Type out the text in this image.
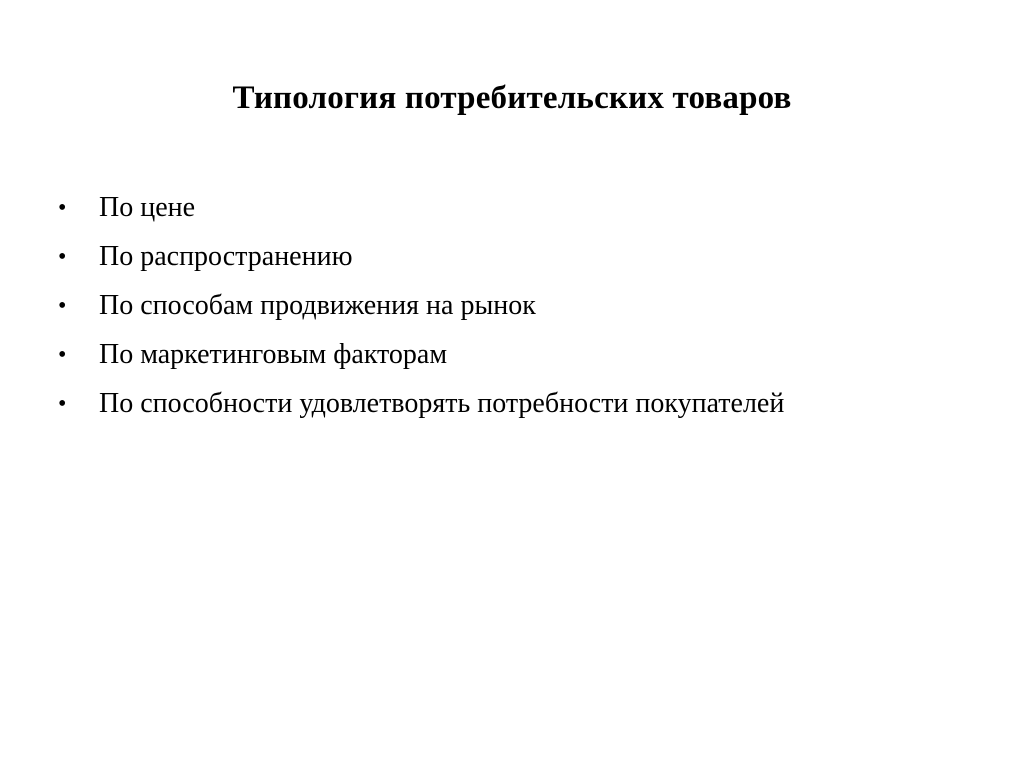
Типология потребительских товаров
•	По цене
•	По распространению
•	По способам продвижения на рынок
•	По маркетинговым факторам
•	По способности удовлетворять потребности покупателей
